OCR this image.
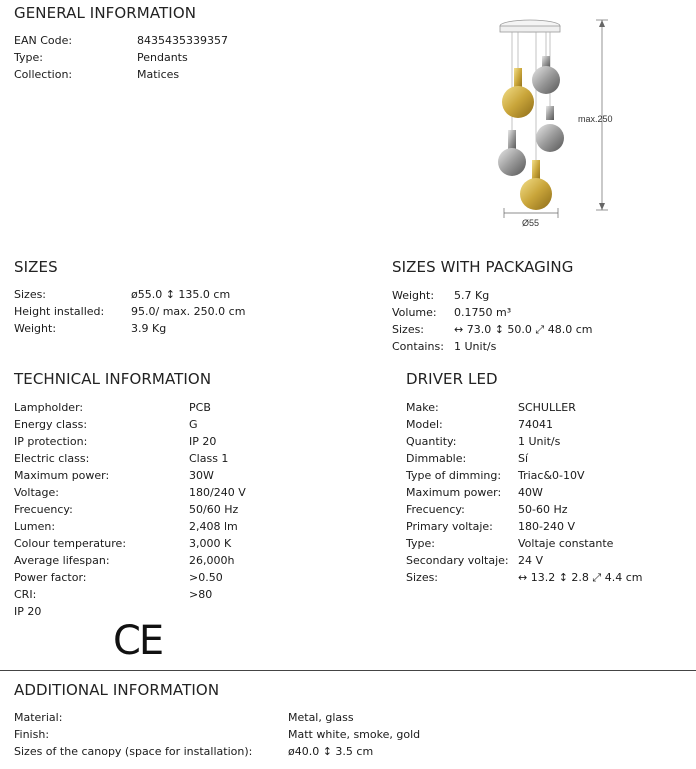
GENERAL INFORMATION
EAN Code:	8435435339357
Type:	Pendants
Collection:	Matices
max.250
Ø55
SIZES
Sizes:	ø55.0 ↕ 135.0 cm
Height installed: 95.0/ max. 250.0 cm
Weight:	3.9 Kg
SIZES WITH PACKAGING
Weight: 5.7 Kg
Volume: 0.1750 m³
Sizes:	↔ 73.0 ↕ 50.0 ⤢ 48.0 cm
Contains: 1 Unit/s
TECHNICAL INFORMATION
Lampholder:	PCB
Energy class:	G
IP protection:	IP 20
Electric class:	Class 1
Maximum power:	30W
Voltage:	180/240 V
Frecuency:	50/60 Hz
Lumen:	2,408 lm
Colour temperature:	3,000 K
Average lifespan:	26,000h
Power factor:	>0.50
CRI:	>80
IP 20
CE
DRIVER LED
Make:	SCHULLER
Model:	74041
Quantity:	1 Unit/s
Dimmable:	Sí
Type of dimming: Triac&0-10V
Maximum power: 40W
Frecuency:	50-60 Hz
Primary voltaje: 180-240 V
Type:	Voltaje constante
Secondary voltaje: 24 V
Sizes:	↔ 13.2 ↕ 2.8 ⤢ 4.4 cm
ADDITIONAL INFORMATION
Material:	Metal, glass
Finish:	Matt white, smoke, gold
Sizes of the canopy (space for installation):	ø40.0 ↕ 3.5 cm
